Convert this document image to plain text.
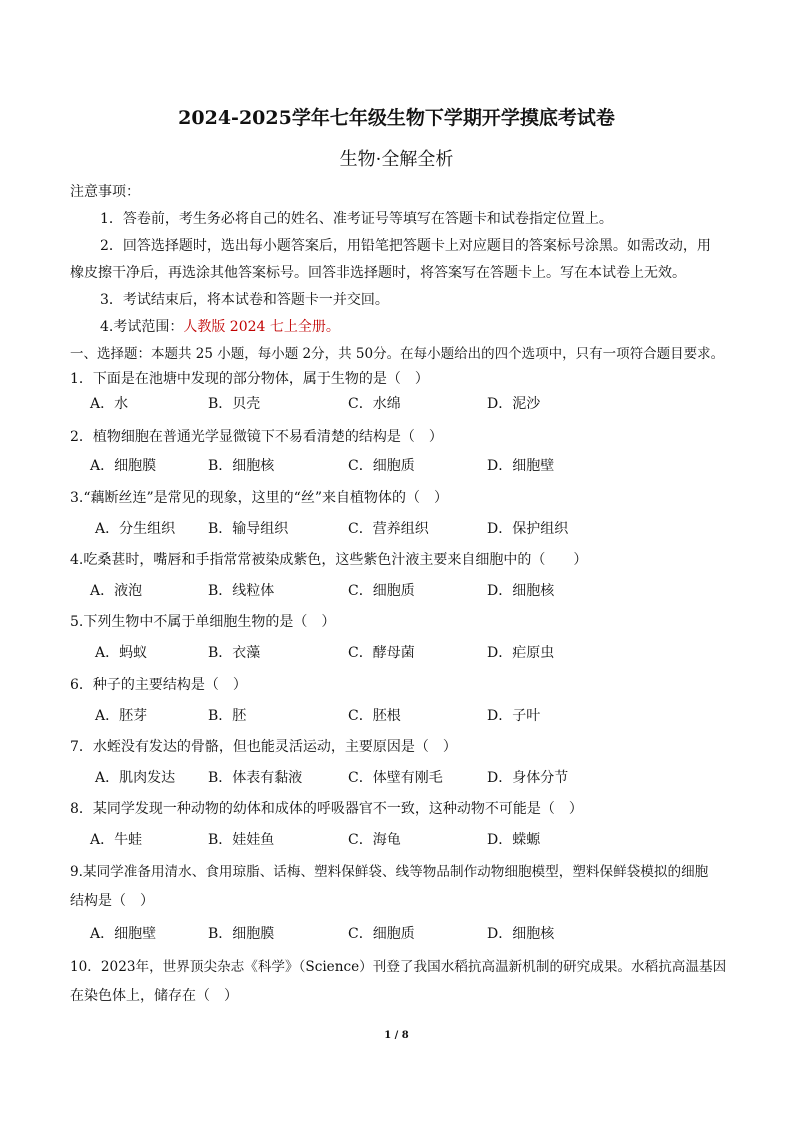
2024-2025学年七年级生物下学期开学摸底考试卷
生物·全解全析
注意事项：
1．答卷前，考生务必将自己的姓名、准考证号等填写在答题卡和试卷指定位置上。
2．回答选择题时，选出每小题答案后，用铅笔把答题卡上对应题目的答案标号涂黑。如需改动，用
橡皮擦干净后，再选涂其他答案标号。回答非选择题时，将答案写在答题卡上。写在本试卷上无效。
3．考试结束后，将本试卷和答题卡一并交回。
4.考试范围：人教版 2024 七上全册。
一、选择题：本题共 25 小题，每小题 2分，共 50分。在每小题给出的四个选项中，只有一项符合题目要求。
1．下面是在池塘中发现的部分物体，属于生物的是（　）
A．水	B．贝壳	C．水绵	D．泥沙
2．植物细胞在普通光学显微镜下不易看清楚的结构是（　）
A．细胞膜	B．细胞核	C．细胞质	D．细胞壁
3.“藕断丝连”是常见的现象，这里的“丝”来自植物体的（　）
A．分生组织 B．输导组织	C．营养组织	D．保护组织
4.吃桑葚时，嘴唇和手指常常被染成紫色，这些紫色汁液主要来自细胞中的（　　）
A．液泡	B．线粒体	C．细胞质	D．细胞核
5.下列生物中不属于单细胞生物的是（　）
A．蚂蚁	B．衣藻	C．酵母菌	D．疟原虫
6．种子的主要结构是（　）
A．胚芽	B．胚	C．胚根	D．子叶
7．水蛭没有发达的骨骼，但也能灵活运动，主要原因是（　）
A．肌肉发达 B．体表有黏液	C．体壁有刚毛	D．身体分节
8．某同学发现一种动物的幼体和成体的呼吸器官不一致，这种动物不可能是（　）
A．牛蛙	B．娃娃鱼	C．海龟	D．蝾螈
9.某同学准备用清水、食用琼脂、话梅、塑料保鲜袋、线等物品制作动物细胞模型，塑料保鲜袋模拟的细胞
结构是（　）
A．细胞壁	B．细胞膜	C．细胞质	D．细胞核
10．2023年，世界顶尖杂志《科学》（Science）刊登了我国水稻抗高温新机制的研究成果。水稻抗高温基因
在染色体上，储存在（　）
1 / 8
